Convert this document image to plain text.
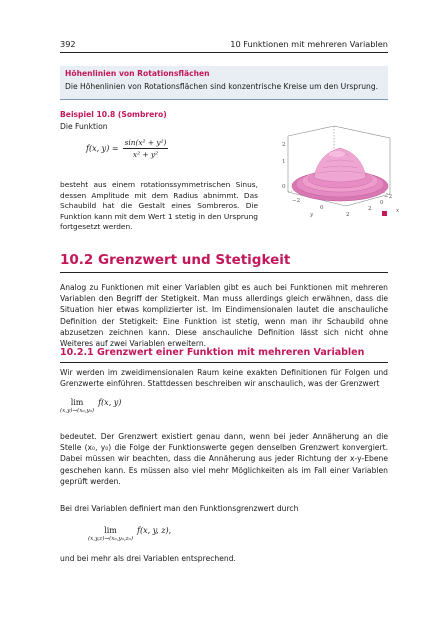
392	10 Funktionen mit mehreren Variablen
Höhenlinien von Rotationsflächen
Die Höhenlinien von Rotationsflächen sind konzentrische Kreise um den Ursprung.
Beispiel 10.8 (Sombrero)
Die Funktion
f(x, $y) = \frac{\text{sin(x² + y²)}}{\text{x² + y²}}$
besteht aus einem rotationssymmetrischen Sinus, dessen Amplitude mit dem Radius abnimmt. Das Schaubild hat die Gestalt eines Sombreros. Die Funktion kann mit dem Wert 1 stetig in den Ursprung fortgesetzt werden.
2
1
0
−2
0
2
y
2
0
−2
x
10.2 Grenzwert und Stetigkeit
Analog zu Funktionen mit einer Variablen gibt es auch bei Funktionen mit mehreren Variablen den Begriff der Stetigkeit. Man muss allerdings gleich erwähnen, dass die Situation hier etwas komplizierter ist. Im Eindimensionalen lautet die anschauliche Definition der Stetigkeit: Eine Funktion ist stetig, wenn man ihr Schaubild ohne abzusetzen zeichnen kann. Diese anschauliche Definition lässt sich nicht ohne Weiteres auf zwei Variablen erweitern.
10.2.1 Grenzwert einer Funktion mit mehreren Variablen
Wir werden im zweidimensionalen Raum keine exakten Definitionen für Folgen und Grenzwerte einführen. Stattdessen beschreiben wir anschaulich, was der Grenzwert
lim
(x,y)→(x₀,y₀)
f(x, y)
bedeutet. Der Grenzwert existiert genau dann, wenn bei jeder Annäherung an die Stelle (x₀, y₀) die Folge der Funktionswerte gegen denselben Grenzwert konvergiert. Dabei müssen wir beachten, dass die Annäherung aus jeder Richtung der x-y-Ebene geschehen kann. Es müssen also viel mehr Möglichkeiten als im Fall einer Variablen geprüft werden.
Bei drei Variablen definiert man den Funktionsgrenzwert durch
lim
(x,y,z)→(x₀,y₀,z₀)
f(x, y, z),
und bei mehr als drei Variablen entsprechend.
